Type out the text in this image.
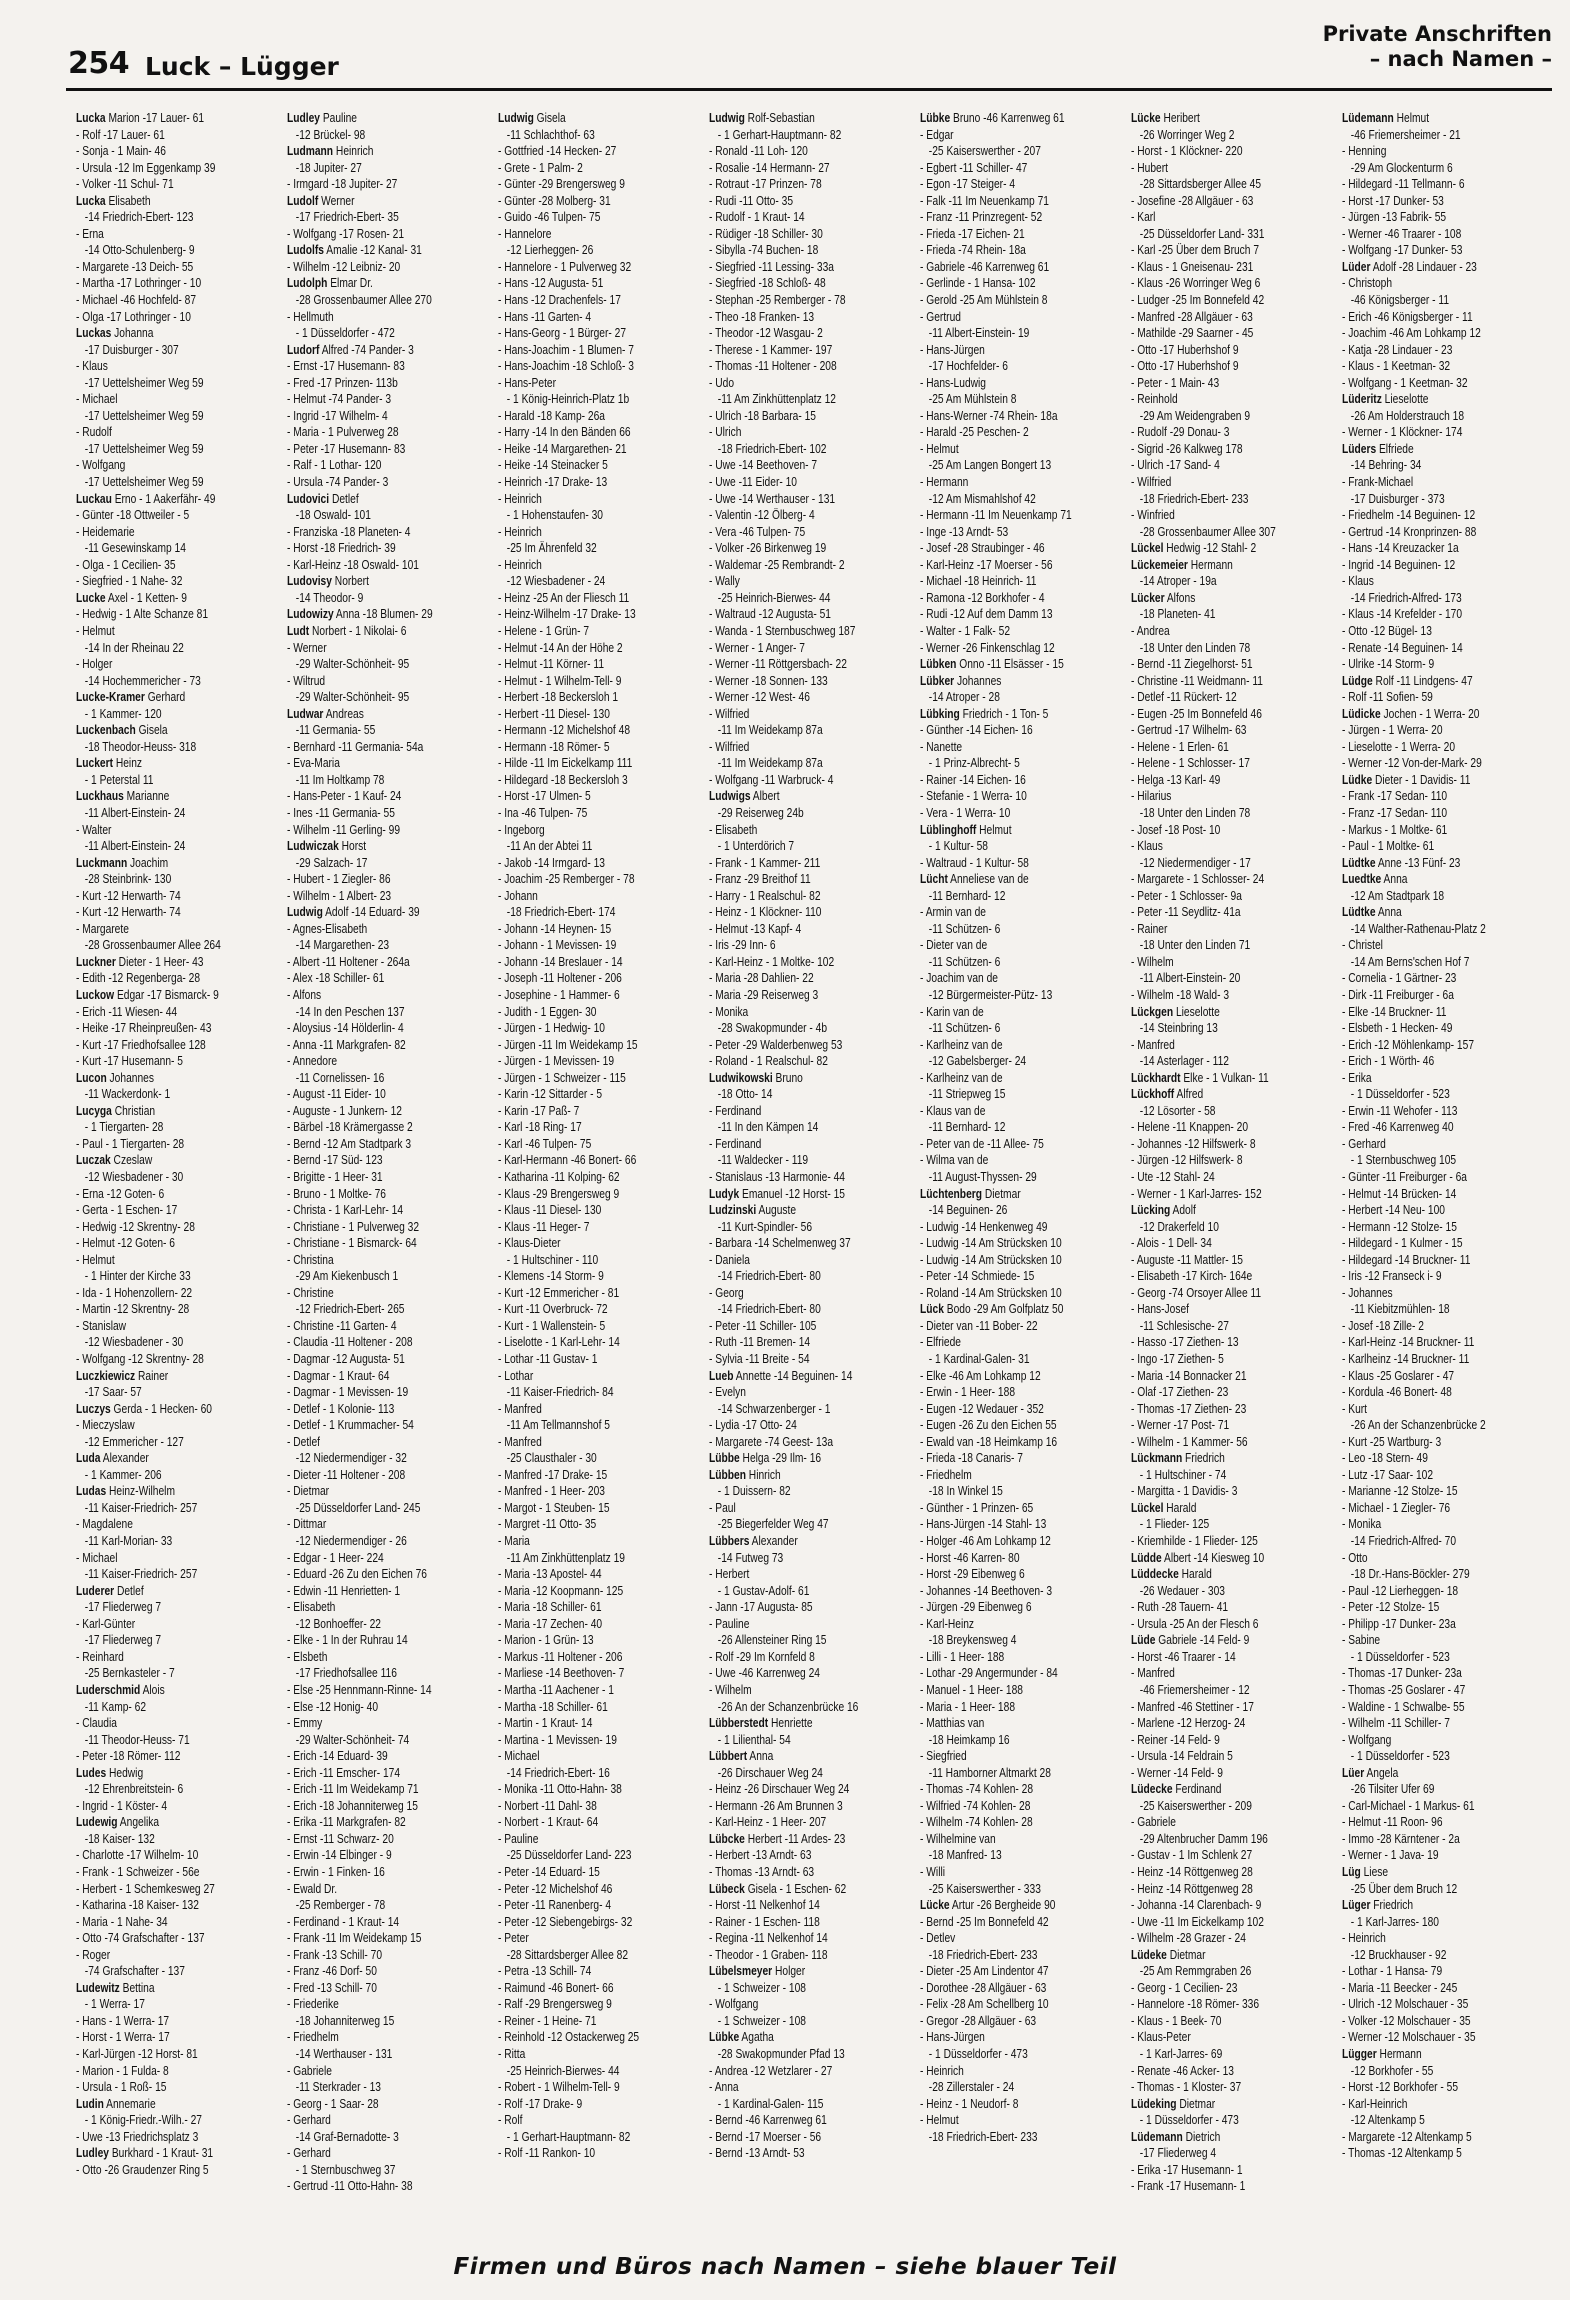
254 Luck – Lügger
Private Anschriften
– nach Namen –
Lucka Marion -17 Lauer- 61
- Rolf -17 Lauer- 61
- Sonja - 1 Main- 46
- Ursula -12 Im Eggenkamp 39
- Volker -11 Schul- 71
Lucka Elisabeth
-14 Friedrich-Ebert- 123
- Erna
-14 Otto-Schulenberg- 9
- Margarete -13 Deich- 55
- Martha -17 Lothringer - 10
- Michael -46 Hochfeld- 87
- Olga -17 Lothringer - 10
Luckas Johanna
-17 Duisburger - 307
- Klaus
-17 Uettelsheimer Weg 59
- Michael
-17 Uettelsheimer Weg 59
- Rudolf
-17 Uettelsheimer Weg 59
- Wolfgang
-17 Uettelsheimer Weg 59
Luckau Erno - 1 Aakerfähr- 49
- Günter -18 Ottweiler - 5
- Heidemarie
-11 Gesewinskamp 14
- Olga - 1 Cecilien- 35
- Siegfried - 1 Nahe- 32
Lucke Axel - 1 Ketten- 9
- Hedwig - 1 Alte Schanze 81
- Helmut
-14 In der Rheinau 22
- Holger
-14 Hochemmericher - 73
Lucke-Kramer Gerhard
- 1 Kammer- 120
Luckenbach Gisela
-18 Theodor-Heuss- 318
Luckert Heinz
- 1 Peterstal 11
Luckhaus Marianne
-11 Albert-Einstein- 24
- Walter
-11 Albert-Einstein- 24
Luckmann Joachim
-28 Steinbrink- 130
- Kurt -12 Herwarth- 74
- Kurt -12 Herwarth- 74
- Margarete
-28 Grossenbaumer Allee 264
Luckner Dieter - 1 Heer- 43
- Edith -12 Regenberga- 28
Luckow Edgar -17 Bismarck- 9
- Erich -11 Wiesen- 44
- Heike -17 Rheinpreußen- 43
- Kurt -17 Friedhofsallee 128
- Kurt -17 Husemann- 5
Lucon Johannes
-11 Wackerdonk- 1
Lucyga Christian
- 1 Tiergarten- 28
- Paul - 1 Tiergarten- 28
Luczak Czeslaw
-12 Wiesbadener - 30
- Erna -12 Goten- 6
- Gerta - 1 Eschen- 17
- Hedwig -12 Skrentny- 28
- Helmut -12 Goten- 6
- Helmut
- 1 Hinter der Kirche 33
- Ida - 1 Hohenzollern- 22
- Martin -12 Skrentny- 28
- Stanislaw
-12 Wiesbadener - 30
- Wolfgang -12 Skrentny- 28
Luczkiewicz Rainer
-17 Saar- 57
Luczys Gerda - 1 Hecken- 60
- Mieczyslaw
-12 Emmericher - 127
Luda Alexander
- 1 Kammer- 206
Ludas Heinz-Wilhelm
-11 Kaiser-Friedrich- 257
- Magdalene
-11 Karl-Morian- 33
- Michael
-11 Kaiser-Friedrich- 257
Luderer Detlef
-17 Fliederweg 7
- Karl-Günter
-17 Fliederweg 7
- Reinhard
-25 Bernkasteler - 7
Luderschmid Alois
-11 Kamp- 62
- Claudia
-11 Theodor-Heuss- 71
- Peter -18 Römer- 112
Ludes Hedwig
-12 Ehrenbreitstein- 6
- Ingrid - 1 Köster- 4
Ludewig Angelika
-18 Kaiser- 132
- Charlotte -17 Wilhelm- 10
- Frank - 1 Schweizer - 56e
- Herbert - 1 Schemkesweg 27
- Katharina -18 Kaiser- 132
- Maria - 1 Nahe- 34
- Otto -74 Grafschafter - 137
- Roger
-74 Grafschafter - 137
Ludewitz Bettina
- 1 Werra- 17
- Hans - 1 Werra- 17
- Horst - 1 Werra- 17
- Karl-Jürgen -12 Horst- 81
- Marion - 1 Fulda- 8
- Ursula - 1 Roß- 15
Ludin Annemarie
- 1 König-Friedr.-Wilh.- 27
- Uwe -13 Friedrichsplatz 3
Ludley Burkhard - 1 Kraut- 31
- Otto -26 Graudenzer Ring 5
Ludley Pauline
-12 Brückel- 98
Ludmann Heinrich
-18 Jupiter- 27
- Irmgard -18 Jupiter- 27
Ludolf Werner
-17 Friedrich-Ebert- 35
- Wolfgang -17 Rosen- 21
Ludolfs Amalie -12 Kanal- 31
- Wilhelm -12 Leibniz- 20
Ludolph Elmar Dr.
-28 Grossenbaumer Allee 270
- Hellmuth
- 1 Düsseldorfer - 472
Ludorf Alfred -74 Pander- 3
- Ernst -17 Husemann- 83
- Fred -17 Prinzen- 113b
- Helmut -74 Pander- 3
- Ingrid -17 Wilhelm- 4
- Maria - 1 Pulverweg 28
- Peter -17 Husemann- 83
- Ralf - 1 Lothar- 120
- Ursula -74 Pander- 3
Ludovici Detlef
-18 Oswald- 101
- Franziska -18 Planeten- 4
- Horst -18 Friedrich- 39
- Karl-Heinz -18 Oswald- 101
Ludovisy Norbert
-14 Theodor- 9
Ludowizy Anna -18 Blumen- 29
Ludt Norbert - 1 Nikolai- 6
- Werner
-29 Walter-Schönheit- 95
- Wiltrud
-29 Walter-Schönheit- 95
Ludwar Andreas
-11 Germania- 55
- Bernhard -11 Germania- 54a
- Eva-Maria
-11 Im Holtkamp 78
- Hans-Peter - 1 Kauf- 24
- Ines -11 Germania- 55
- Wilhelm -11 Gerling- 99
Ludwiczak Horst
-29 Salzach- 17
- Hubert - 1 Ziegler- 86
- Wilhelm - 1 Albert- 23
Ludwig Adolf -14 Eduard- 39
- Agnes-Elisabeth
-14 Margarethen- 23
- Albert -11 Holtener - 264a
- Alex -18 Schiller- 61
- Alfons
-14 In den Peschen 137
- Aloysius -14 Hölderlin- 4
- Anna -11 Markgrafen- 82
- Annedore
-11 Cornelissen- 16
- August -11 Eider- 10
- Auguste - 1 Junkern- 12
- Bärbel -18 Krämergasse 2
- Bernd -12 Am Stadtpark 3
- Bernd -17 Süd- 123
- Brigitte - 1 Heer- 31
- Bruno - 1 Moltke- 76
- Christa - 1 Karl-Lehr- 14
- Christiane - 1 Pulverweg 32
- Christiane - 1 Bismarck- 64
- Christina
-29 Am Kiekenbusch 1
- Christine
-12 Friedrich-Ebert- 265
- Christine -11 Garten- 4
- Claudia -11 Holtener - 208
- Dagmar -12 Augusta- 51
- Dagmar - 1 Kraut- 64
- Dagmar - 1 Mevissen- 19
- Detlef - 1 Kolonie- 113
- Detlef - 1 Krummacher- 54
- Detlef
-12 Niedermendiger - 32
- Dieter -11 Holtener - 208
- Dietmar
-25 Düsseldorfer Land- 245
- Dittmar
-12 Niedermendiger - 26
- Edgar - 1 Heer- 224
- Eduard -26 Zu den Eichen 76
- Edwin -11 Henrietten- 1
- Elisabeth
-12 Bonhoeffer- 22
- Elke - 1 In der Ruhrau 14
- Elsbeth
-17 Friedhofsallee 116
- Else -25 Hennmann-Rinne- 14
- Else -12 Honig- 40
- Emmy
-29 Walter-Schönheit- 74
- Erich -14 Eduard- 39
- Erich -11 Emscher- 174
- Erich -11 Im Weidekamp 71
- Erich -18 Johanniterweg 15
- Erika -11 Markgrafen- 82
- Ernst -11 Schwarz- 20
- Erwin -14 Elbinger - 9
- Erwin - 1 Finken- 16
- Ewald Dr.
-25 Remberger - 78
- Ferdinand - 1 Kraut- 14
- Frank -11 Im Weidekamp 15
- Frank -13 Schill- 70
- Franz -46 Dorf- 50
- Fred -13 Schill- 70
- Friederike
-18 Johanniterweg 15
- Friedhelm
-14 Werthauser - 131
- Gabriele
-11 Sterkrader - 13
- Georg - 1 Saar- 28
- Gerhard
-14 Graf-Bernadotte- 3
- Gerhard
- 1 Sternbuschweg 37
- Gertrud -11 Otto-Hahn- 38
Ludwig Gisela
-11 Schlachthof- 63
- Gottfried -14 Hecken- 27
- Grete - 1 Palm- 2
- Günter -29 Brengersweg 9
- Günter -28 Molberg- 31
- Guido -46 Tulpen- 75
- Hannelore
-12 Lierheggen- 26
- Hannelore - 1 Pulverweg 32
- Hans -12 Augusta- 51
- Hans -12 Drachenfels- 17
- Hans -11 Garten- 4
- Hans-Georg - 1 Bürger- 27
- Hans-Joachim - 1 Blumen- 7
- Hans-Joachim -18 Schloß- 3
- Hans-Peter
- 1 König-Heinrich-Platz 1b
- Harald -18 Kamp- 26a
- Harry -14 In den Bänden 66
- Heike -14 Margarethen- 21
- Heike -14 Steinacker 5
- Heinrich -17 Drake- 13
- Heinrich
- 1 Hohenstaufen- 30
- Heinrich
-25 Im Ährenfeld 32
- Heinrich
-12 Wiesbadener - 24
- Heinz -25 An der Fliesch 11
- Heinz-Wilhelm -17 Drake- 13
- Helene - 1 Grün- 7
- Helmut -14 An der Höhe 2
- Helmut -11 Körner- 11
- Helmut - 1 Wilhelm-Tell- 9
- Herbert -18 Beckersloh 1
- Herbert -11 Diesel- 130
- Hermann -12 Michelshof 48
- Hermann -18 Römer- 5
- Hilde -11 Im Eickelkamp 111
- Hildegard -18 Beckersloh 3
- Horst -17 Ulmen- 5
- Ina -46 Tulpen- 75
- Ingeborg
-11 An der Abtei 11
- Jakob -14 Irmgard- 13
- Joachim -25 Remberger - 78
- Johann
-18 Friedrich-Ebert- 174
- Johann -14 Heynen- 15
- Johann - 1 Mevissen- 19
- Johann -14 Breslauer - 14
- Joseph -11 Holtener - 206
- Josephine - 1 Hammer- 6
- Judith - 1 Eggen- 30
- Jürgen - 1 Hedwig- 10
- Jürgen -11 Im Weidekamp 15
- Jürgen - 1 Mevissen- 19
- Jürgen - 1 Schweizer - 115
- Karin -12 Sittarder - 5
- Karin -17 Paß- 7
- Karl -18 Ring- 17
- Karl -46 Tulpen- 75
- Karl-Hermann -46 Bonert- 66
- Katharina -11 Kolping- 62
- Klaus -29 Brengersweg 9
- Klaus -11 Diesel- 130
- Klaus -11 Heger- 7
- Klaus-Dieter
- 1 Hultschiner - 110
- Klemens -14 Storm- 9
- Kurt -12 Emmericher - 81
- Kurt -11 Overbruck- 72
- Kurt - 1 Wallenstein- 5
- Liselotte - 1 Karl-Lehr- 14
- Lothar -11 Gustav- 1
- Lothar
-11 Kaiser-Friedrich- 84
- Manfred
-11 Am Tellmannshof 5
- Manfred
-25 Clausthaler - 30
- Manfred -17 Drake- 15
- Manfred - 1 Heer- 203
- Margot - 1 Steuben- 15
- Margret -11 Otto- 35
- Maria
-11 Am Zinkhüttenplatz 19
- Maria -13 Apostel- 44
- Maria -12 Koopmann- 125
- Maria -18 Schiller- 61
- Maria -17 Zechen- 40
- Marion - 1 Grün- 13
- Markus -11 Holtener - 206
- Marliese -14 Beethoven- 7
- Martha -11 Aachener - 1
- Martha -18 Schiller- 61
- Martin - 1 Kraut- 14
- Martina - 1 Mevissen- 19
- Michael
-14 Friedrich-Ebert- 16
- Monika -11 Otto-Hahn- 38
- Norbert -11 Dahl- 38
- Norbert - 1 Kraut- 64
- Pauline
-25 Düsseldorfer Land- 223
- Peter -14 Eduard- 15
- Peter -12 Michelshof 46
- Peter -11 Ranenberg- 4
- Peter -12 Siebengebirgs- 32
- Peter
-28 Sittardsberger Allee 82
- Petra -13 Schill- 74
- Raimund -46 Bonert- 66
- Ralf -29 Brengersweg 9
- Reiner - 1 Heine- 71
- Reinhold -12 Ostackerweg 25
- Ritta
-25 Heinrich-Bierwes- 44
- Robert - 1 Wilhelm-Tell- 9
- Rolf -17 Drake- 9
- Rolf
- 1 Gerhart-Hauptmann- 82
- Rolf -11 Rankon- 10
Ludwig Rolf-Sebastian
- 1 Gerhart-Hauptmann- 82
- Ronald -11 Loh- 120
- Rosalie -14 Hermann- 27
- Rotraut -17 Prinzen- 78
- Rudi -11 Otto- 35
- Rudolf - 1 Kraut- 14
- Rüdiger -18 Schiller- 30
- Sibylla -74 Buchen- 18
- Siegfried -11 Lessing- 33a
- Siegfried -18 Schloß- 48
- Stephan -25 Remberger - 78
- Theo -18 Franken- 13
- Theodor -12 Wasgau- 2
- Therese - 1 Kammer- 197
- Thomas -11 Holtener - 208
- Udo
-11 Am Zinkhüttenplatz 12
- Ulrich -18 Barbara- 15
- Ulrich
-18 Friedrich-Ebert- 102
- Uwe -14 Beethoven- 7
- Uwe -11 Eider- 10
- Uwe -14 Werthauser - 131
- Valentin -12 Ölberg- 4
- Vera -46 Tulpen- 75
- Volker -26 Birkenweg 19
- Waldemar -25 Rembrandt- 2
- Wally
-25 Heinrich-Bierwes- 44
- Waltraud -12 Augusta- 51
- Wanda - 1 Sternbuschweg 187
- Werner - 1 Anger- 7
- Werner -11 Röttgersbach- 22
- Werner -18 Sonnen- 133
- Werner -12 West- 46
- Wilfried
-11 Im Weidekamp 87a
- Wilfried
-11 Im Weidekamp 87a
- Wolfgang -11 Warbruck- 4
Ludwigs Albert
-29 Reiserweg 24b
- Elisabeth
- 1 Unterdörich 7
- Frank - 1 Kammer- 211
- Franz -29 Breithof 11
- Harry - 1 Realschul- 82
- Heinz - 1 Klöckner- 110
- Helmut -13 Kapf- 4
- Iris -29 Inn- 6
- Karl-Heinz - 1 Moltke- 102
- Maria -28 Dahlien- 22
- Maria -29 Reiserweg 3
- Monika
-28 Swakopmunder - 4b
- Peter -29 Walderbenweg 53
- Roland - 1 Realschul- 82
Ludwikowski Bruno
-18 Otto- 14
- Ferdinand
-11 In den Kämpen 14
- Ferdinand
-11 Waldecker - 119
- Stanislaus -13 Harmonie- 44
Ludyk Emanuel -12 Horst- 15
Ludzinski Auguste
-11 Kurt-Spindler- 56
- Barbara -14 Schelmenweg 37
- Daniela
-14 Friedrich-Ebert- 80
- Georg
-14 Friedrich-Ebert- 80
- Peter -11 Schiller- 105
- Ruth -11 Bremen- 14
- Sylvia -11 Breite - 54
Lueb Annette -14 Beguinen- 14
- Evelyn
-14 Schwarzenberger - 1
- Lydia -17 Otto- 24
- Margarete -74 Geest- 13a
Lübbe Helga -29 Ilm- 16
Lübben Hinrich
- 1 Duissern- 82
- Paul
-25 Biegerfelder Weg 47
Lübbers Alexander
-14 Futweg 73
- Herbert
- 1 Gustav-Adolf- 61
- Jann -17 Augusta- 85
- Pauline
-26 Allensteiner Ring 15
- Rolf -29 Im Kornfeld 8
- Uwe -46 Karrenweg 24
- Wilhelm
-26 An der Schanzenbrücke 16
Lübberstedt Henriette
- 1 Lilienthal- 54
Lübbert Anna
-26 Dirschauer Weg 24
- Heinz -26 Dirschauer Weg 24
- Hermann -26 Am Brunnen 3
- Karl-Heinz - 1 Heer- 207
Lübcke Herbert -11 Ardes- 23
- Herbert -13 Arndt- 63
- Thomas -13 Arndt- 63
Lübeck Gisela - 1 Eschen- 62
- Horst -11 Nelkenhof 14
- Rainer - 1 Eschen- 118
- Regina -11 Nelkenhof 14
- Theodor - 1 Graben- 118
Lübelsmeyer Holger
- 1 Schweizer - 108
- Wolfgang
- 1 Schweizer - 108
Lübke Agatha
-28 Swakopmunder Pfad 13
- Andrea -12 Wetzlarer - 27
- Anna
- 1 Kardinal-Galen- 115
- Bernd -46 Karrenweg 61
- Bernd -17 Moerser - 56
- Bernd -13 Arndt- 53
Lübke Bruno -46 Karrenweg 61
- Edgar
-25 Kaiserswerther - 207
- Egbert -11 Schiller- 47
- Egon -17 Steiger- 4
- Falk -11 Im Neuenkamp 71
- Franz -11 Prinzregent- 52
- Frieda -17 Eichen- 21
- Frieda -74 Rhein- 18a
- Gabriele -46 Karrenweg 61
- Gerlinde - 1 Hansa- 102
- Gerold -25 Am Mühlstein 8
- Gertrud
-11 Albert-Einstein- 19
- Hans-Jürgen
-17 Hochfelder- 6
- Hans-Ludwig
-25 Am Mühlstein 8
- Hans-Werner -74 Rhein- 18a
- Harald -25 Peschen- 2
- Helmut
-25 Am Langen Bongert 13
- Hermann
-12 Am Mismahlshof 42
- Hermann -11 Im Neuenkamp 71
- Inge -13 Arndt- 53
- Josef -28 Straubinger - 46
- Karl-Heinz -17 Moerser - 56
- Michael -18 Heinrich- 11
- Ramona -12 Borkhofer - 4
- Rudi -12 Auf dem Damm 13
- Walter - 1 Falk- 52
- Werner -26 Finkenschlag 12
Lübken Onno -11 Elsässer - 15
Lübker Johannes
-14 Atroper - 28
Lübking Friedrich - 1 Ton- 5
- Günther -14 Eichen- 16
- Nanette
- 1 Prinz-Albrecht- 5
- Rainer -14 Eichen- 16
- Stefanie - 1 Werra- 10
- Vera - 1 Werra- 10
Lüblinghoff Helmut
- 1 Kultur- 58
- Waltraud - 1 Kultur- 58
Lücht Anneliese van de
-11 Bernhard- 12
- Armin van de
-11 Schützen- 6
- Dieter van de
-11 Schützen- 6
- Joachim van de
-12 Bürgermeister-Pütz- 13
- Karin van de
-11 Schützen- 6
- Karlheinz van de
-12 Gabelsberger- 24
- Karlheinz van de
-11 Striepweg 15
- Klaus van de
-11 Bernhard- 12
- Peter van de -11 Allee- 75
- Wilma van de
-11 August-Thyssen- 29
Lüchtenberg Dietmar
-14 Beguinen- 26
- Ludwig -14 Henkenweg 49
- Ludwig -14 Am Strücksken 10
- Ludwig -14 Am Strücksken 10
- Peter -14 Schmiede- 15
- Roland -14 Am Strücksken 10
Lück Bodo -29 Am Golfplatz 50
- Dieter van -11 Bober- 22
- Elfriede
- 1 Kardinal-Galen- 31
- Elke -46 Am Lohkamp 12
- Erwin - 1 Heer- 188
- Eugen -12 Wedauer - 352
- Eugen -26 Zu den Eichen 55
- Ewald van -18 Heimkamp 16
- Frieda -18 Canaris- 7
- Friedhelm
-18 In Winkel 15
- Günther - 1 Prinzen- 65
- Hans-Jürgen -14 Stahl- 13
- Holger -46 Am Lohkamp 12
- Horst -46 Karren- 80
- Horst -29 Eibenweg 6
- Johannes -14 Beethoven- 3
- Jürgen -29 Eibenweg 6
- Karl-Heinz
-18 Breykensweg 4
- Lilli - 1 Heer- 188
- Lothar -29 Angermunder - 84
- Manuel - 1 Heer- 188
- Maria - 1 Heer- 188
- Matthias van
-18 Heimkamp 16
- Siegfried
-11 Hamborner Altmarkt 28
- Thomas -74 Kohlen- 28
- Wilfried -74 Kohlen- 28
- Wilhelm -74 Kohlen- 28
- Wilhelmine van
-18 Manfred- 13
- Willi
-25 Kaiserswerther - 333
Lücke Artur -26 Bergheide 90
- Bernd -25 Im Bonnefeld 42
- Detlev
-18 Friedrich-Ebert- 233
- Dieter -25 Am Lindentor 47
- Dorothee -28 Allgäuer - 63
- Felix -28 Am Schellberg 10
- Gregor -28 Allgäuer - 63
- Hans-Jürgen
- 1 Düsseldorfer - 473
- Heinrich
-28 Zillerstaler - 24
- Heinz - 1 Neudorf- 8
- Helmut
-18 Friedrich-Ebert- 233
Lücke Heribert
-26 Worringer Weg 2
- Horst - 1 Klöckner- 220
- Hubert
-28 Sittardsberger Allee 45
- Josefine -28 Allgäuer - 63
- Karl
-25 Düsseldorfer Land- 331
- Karl -25 Über dem Bruch 7
- Klaus - 1 Gneisenau- 231
- Klaus -26 Worringer Weg 6
- Ludger -25 Im Bonnefeld 42
- Manfred -28 Allgäuer - 63
- Mathilde -29 Saarner - 45
- Otto -17 Huberhshof 9
- Otto -17 Huberhshof 9
- Peter - 1 Main- 43
- Reinhold
-29 Am Weidengraben 9
- Rudolf -29 Donau- 3
- Sigrid -26 Kalkweg 178
- Ulrich -17 Sand- 4
- Wilfried
-18 Friedrich-Ebert- 233
- Winfried
-28 Grossenbaumer Allee 307
Lückel Hedwig -12 Stahl- 2
Lückemeier Hermann
-14 Atroper - 19a
Lücker Alfons
-18 Planeten- 41
- Andrea
-18 Unter den Linden 78
- Bernd -11 Ziegelhorst- 51
- Christine -11 Weidmann- 11
- Detlef -11 Rückert- 12
- Eugen -25 Im Bonnefeld 46
- Gertrud -17 Wilhelm- 63
- Helene - 1 Erlen- 61
- Helene - 1 Schlosser- 17
- Helga -13 Karl- 49
- Hilarius
-18 Unter den Linden 78
- Josef -18 Post- 10
- Klaus
-12 Niedermendiger - 17
- Margarete - 1 Schlosser- 24
- Peter - 1 Schlosser- 9a
- Peter -11 Seydlitz- 41a
- Rainer
-18 Unter den Linden 71
- Wilhelm
-11 Albert-Einstein- 20
- Wilhelm -18 Wald- 3
Lückgen Lieselotte
-14 Steinbring 13
- Manfred
-14 Asterlager - 112
Lückhardt Elke - 1 Vulkan- 11
Lückhoff Alfred
-12 Lösorter - 58
- Helene -11 Knappen- 20
- Johannes -12 Hilfswerk- 8
- Jürgen -12 Hilfswerk- 8
- Ute -12 Stahl- 24
- Werner - 1 Karl-Jarres- 152
Lücking Adolf
-12 Drakerfeld 10
- Alois - 1 Dell- 34
- Auguste -11 Mattler- 15
- Elisabeth -17 Kirch- 164e
- Georg -74 Orsoyer Allee 11
- Hans-Josef
-11 Schlesische- 27
- Hasso -17 Ziethen- 13
- Ingo -17 Ziethen- 5
- Maria -14 Bonnacker 21
- Olaf -17 Ziethen- 23
- Thomas -17 Ziethen- 23
- Werner -17 Post- 71
- Wilhelm - 1 Kammer- 56
Lückmann Friedrich
- 1 Hultschiner - 74
- Margitta - 1 Davidis- 3
Lückel Harald
- 1 Flieder- 125
- Kriemhilde - 1 Flieder- 125
Lüdde Albert -14 Kiesweg 10
Lüddecke Harald
-26 Wedauer - 303
- Ruth -28 Tauern- 41
- Ursula -25 An der Flesch 6
Lüde Gabriele -14 Feld- 9
- Horst -46 Traarer - 14
- Manfred
-46 Friemersheimer - 12
- Manfred -46 Stettiner - 17
- Marlene -12 Herzog- 24
- Reiner -14 Feld- 9
- Ursula -14 Feldrain 5
- Werner -14 Feld- 9
Lüdecke Ferdinand
-25 Kaiserswerther - 209
- Gabriele
-29 Altenbrucher Damm 196
- Gustav - 1 Im Schlenk 27
- Heinz -14 Röttgenweg 28
- Heinz -14 Röttgenweg 28
- Johanna -14 Clarenbach- 9
- Uwe -11 Im Eickelkamp 102
- Wilhelm -28 Grazer - 24
Lüdeke Dietmar
-25 Am Remmgraben 26
- Georg - 1 Cecilien- 23
- Hannelore -18 Römer- 336
- Klaus - 1 Beek- 70
- Klaus-Peter
- 1 Karl-Jarres- 69
- Renate -46 Acker- 13
- Thomas - 1 Kloster- 37
Lüdeking Dietmar
- 1 Düsseldorfer - 473
Lüdemann Dietrich
-17 Fliederweg 4
- Erika -17 Husemann- 1
- Frank -17 Husemann- 1
Lüdemann Helmut
-46 Friemersheimer - 21
- Henning
-29 Am Glockenturm 6
- Hildegard -11 Tellmann- 6
- Horst -17 Dunker- 53
- Jürgen -13 Fabrik- 55
- Werner -46 Traarer - 108
- Wolfgang -17 Dunker- 53
Lüder Adolf -28 Lindauer - 23
- Christoph
-46 Königsberger - 11
- Erich -46 Königsberger - 11
- Joachim -46 Am Lohkamp 12
- Katja -28 Lindauer - 23
- Klaus - 1 Keetman- 32
- Wolfgang - 1 Keetman- 32
Lüderitz Lieselotte
-26 Am Holderstrauch 18
- Werner - 1 Klöckner- 174
Lüders Elfriede
-14 Behring- 34
- Frank-Michael
-17 Duisburger - 373
- Friedhelm -14 Beguinen- 12
- Gertrud -14 Kronprinzen- 88
- Hans -14 Kreuzacker 1a
- Ingrid -14 Beguinen- 12
- Klaus
-14 Friedrich-Alfred- 173
- Klaus -14 Krefelder - 170
- Otto -12 Bügel- 13
- Renate -14 Beguinen- 14
- Ulrike -14 Storm- 9
Lüdge Rolf -11 Lindgens- 47
- Rolf -11 Sofien- 59
Lüdicke Jochen - 1 Werra- 20
- Jürgen - 1 Werra- 20
- Lieselotte - 1 Werra- 20
- Werner -12 Von-der-Mark- 29
Lüdke Dieter - 1 Davidis- 11
- Frank -17 Sedan- 110
- Franz -17 Sedan- 110
- Markus - 1 Moltke- 61
- Paul - 1 Moltke- 61
Lüdtke Anne -13 Fünf- 23
Luedtke Anna
-12 Am Stadtpark 18
Lüdtke Anna
-14 Walther-Rathenau-Platz 2
- Christel
-14 Am Berns'schen Hof 7
- Cornelia - 1 Gärtner- 23
- Dirk -11 Freiburger - 6a
- Elke -14 Bruckner- 11
- Elsbeth - 1 Hecken- 49
- Erich -12 Möhlenkamp- 157
- Erich - 1 Wörth- 46
- Erika
- 1 Düsseldorfer - 523
- Erwin -11 Wehofer - 113
- Fred -46 Karrenweg 40
- Gerhard
- 1 Sternbuschweg 105
- Günter -11 Freiburger - 6a
- Helmut -14 Brücken- 14
- Herbert -14 Neu- 100
- Hermann -12 Stolze- 15
- Hildegard - 1 Kulmer - 15
- Hildegard -14 Bruckner- 11
- Iris -12 Franseck i- 9
- Johannes
-11 Kiebitzmühlen- 18
- Josef -18 Zille- 2
- Karl-Heinz -14 Bruckner- 11
- Karlheinz -14 Bruckner- 11
- Klaus -25 Goslarer - 47
- Kordula -46 Bonert- 48
- Kurt
-26 An der Schanzenbrücke 2
- Kurt -25 Wartburg- 3
- Leo -18 Stern- 49
- Lutz -17 Saar- 102
- Marianne -12 Stolze- 15
- Michael - 1 Ziegler- 76
- Monika
-14 Friedrich-Alfred- 70
- Otto
-18 Dr.-Hans-Böckler- 279
- Paul -12 Lierheggen- 18
- Peter -12 Stolze- 15
- Philipp -17 Dunker- 23a
- Sabine
- 1 Düsseldorfer - 523
- Thomas -17 Dunker- 23a
- Thomas -25 Goslarer - 47
- Waldine - 1 Schwalbe- 55
- Wilhelm -11 Schiller- 7
- Wolfgang
- 1 Düsseldorfer - 523
Lüer Angela
-26 Tilsiter Ufer 69
- Carl-Michael - 1 Markus- 61
- Helmut -11 Roon- 96
- Immo -28 Kärntener - 2a
- Werner - 1 Java- 19
Lüg Liese
-25 Über dem Bruch 12
Lüger Friedrich
- 1 Karl-Jarres- 180
- Heinrich
-12 Bruckhauser - 92
- Lothar - 1 Hansa- 79
- Maria -11 Beecker - 245
- Ulrich -12 Molschauer - 35
- Volker -12 Molschauer - 35
- Werner -12 Molschauer - 35
Lügger Hermann
-12 Borkhofer - 55
- Horst -12 Borkhofer - 55
- Karl-Heinrich
-12 Altenkamp 5
- Margarete -12 Altenkamp 5
- Thomas -12 Altenkamp 5
Firmen und Büros nach Namen – siehe blauer Teil
